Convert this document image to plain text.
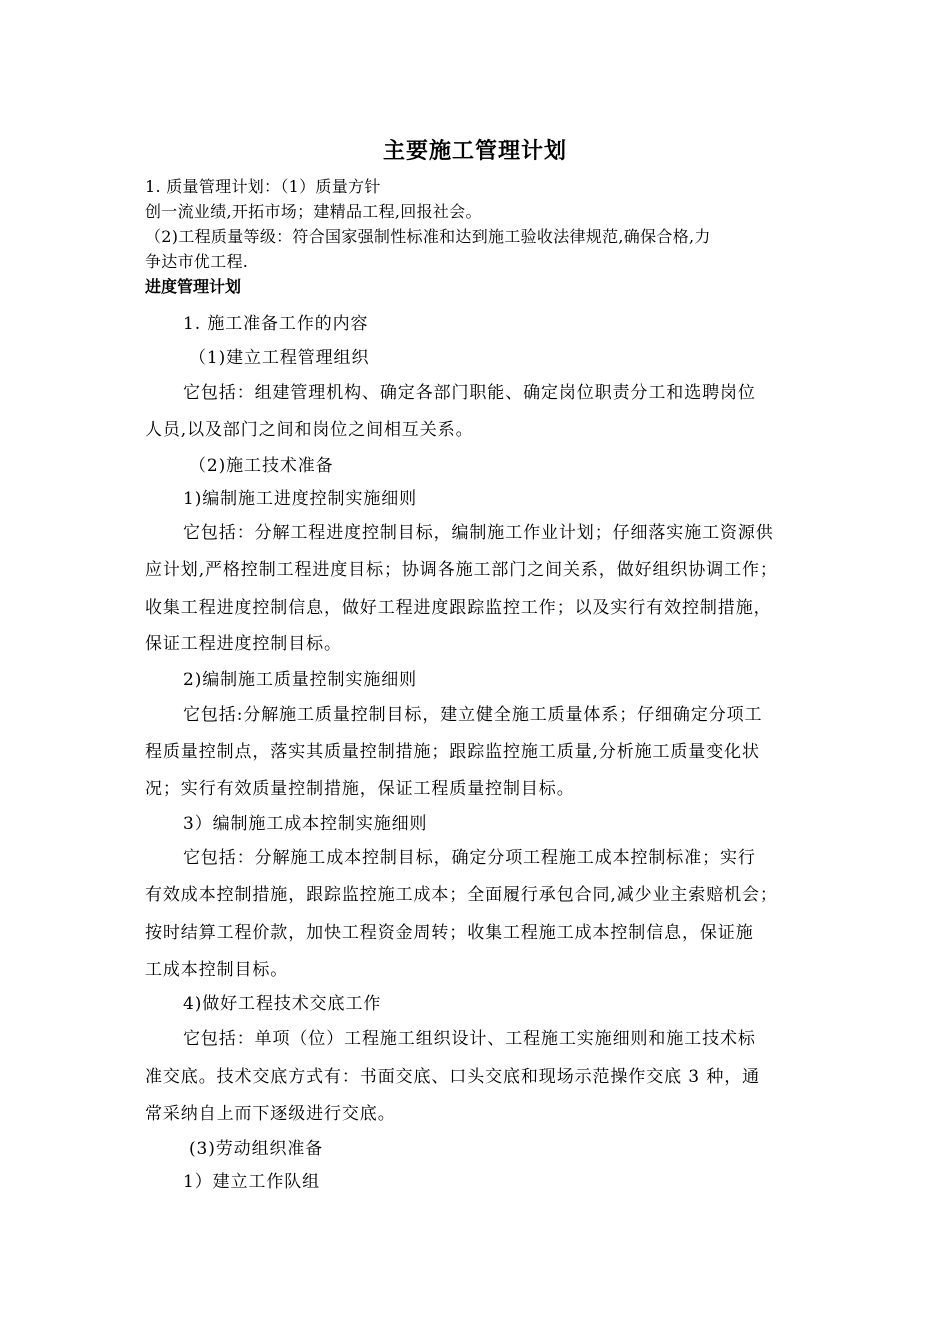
主要施工管理计划
1. 质量管理计划：（1）质量方针
创一流业绩,开拓市场；建精品工程,回报社会。
（2)工程质量等级：符合国家强制性标准和达到施工验收法律规范,确保合格,力
争达市优工程.
进度管理计划
1. 施工准备工作的内容
（1)建立工程管理组织
它包括：组建管理机构、确定各部门职能、确定岗位职责分工和选聘岗位
人员,以及部门之间和岗位之间相互关系。
（2)施工技术准备
1)编制施工进度控制实施细则
它包括：分解工程进度控制目标，编制施工作业计划；仔细落实施工资源供
应计划,严格控制工程进度目标；协调各施工部门之间关系，做好组织协调工作；
收集工程进度控制信息，做好工程进度跟踪监控工作；以及实行有效控制措施，
保证工程进度控制目标。
2)编制施工质量控制实施细则
它包括:分解施工质量控制目标，建立健全施工质量体系；仔细确定分项工
程质量控制点，落实其质量控制措施；跟踪监控施工质量,分析施工质量变化状
况；实行有效质量控制措施，保证工程质量控制目标。
3）编制施工成本控制实施细则
它包括：分解施工成本控制目标，确定分项工程施工成本控制标准；实行
有效成本控制措施，跟踪监控施工成本；全面履行承包合同,减少业主索赔机会；
按时结算工程价款，加快工程资金周转；收集工程施工成本控制信息，保证施
工成本控制目标。
4)做好工程技术交底工作
它包括：单项（位）工程施工组织设计、工程施工实施细则和施工技术标
准交底。技术交底方式有：书面交底、口头交底和现场示范操作交底 3 种，通
常采纳自上而下逐级进行交底。
(3)劳动组织准备
1）建立工作队组
